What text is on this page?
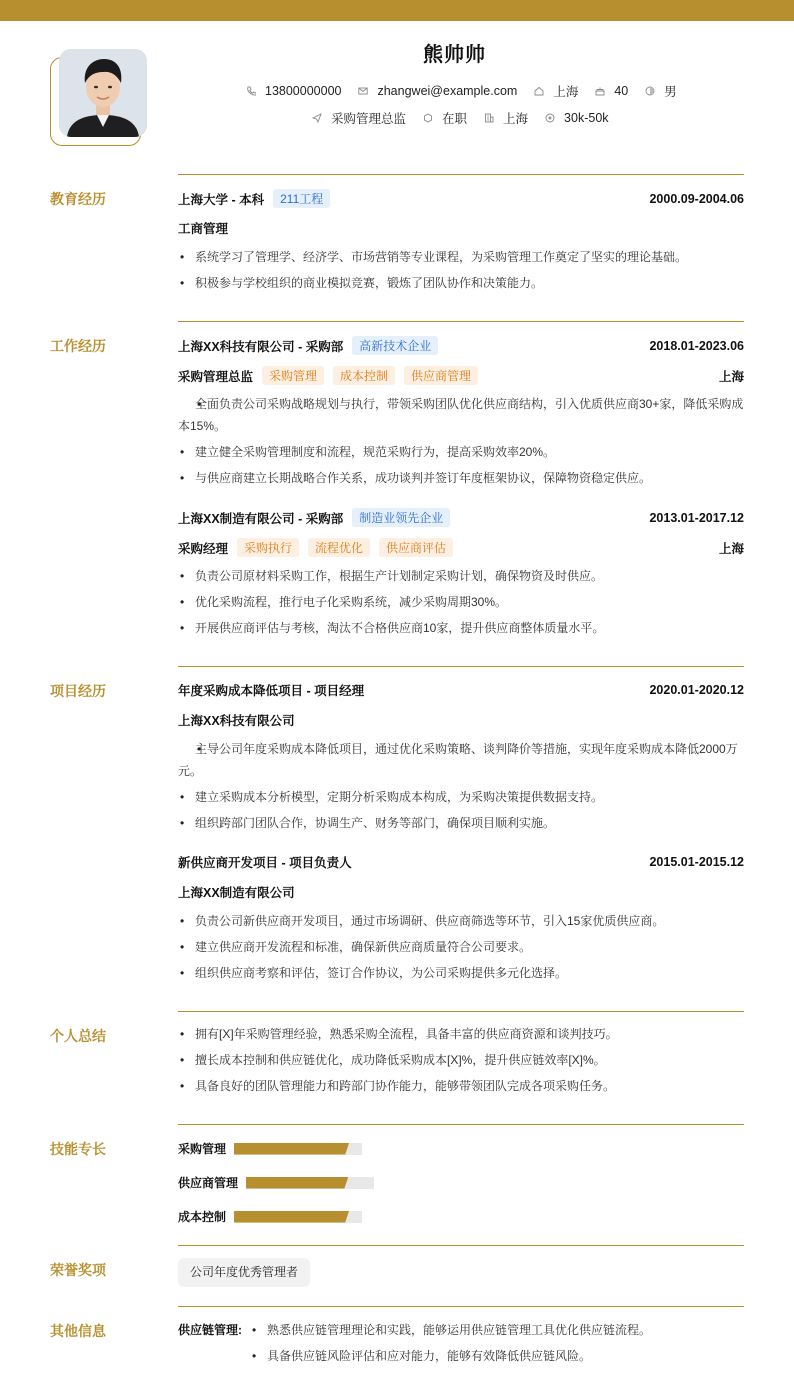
熊帅帅
13800000000	zhangwei@example.com	上海	40	男
采购管理总监	在职	上海	30k-50k
教育经历	上海大学 - 本科	211工程	2000.09-2004.06
工商管理
• 系统学习了管理学、经济学、市场营销等专业课程，为采购管理工作奠定了坚实的理论基础。
• 积极参与学校组织的商业模拟竞赛，锻炼了团队协作和决策能力。
工作经历	上海XX科技有限公司 - 采购部	高新技术企业	2018.01-2023.06
采购管理总监	采购管理	成本控制	供应商管理	上海
• 全面负责公司采购战略规划与执行，带领采购团队优化供应商结构，引入优质供应商30+家，降低采购成本15%。
• 建立健全采购管理制度和流程，规范采购行为，提高采购效率20%。
• 与供应商建立长期战略合作关系，成功谈判并签订年度框架协议，保障物资稳定供应。
上海XX制造有限公司 - 采购部	制造业领先企业	2013.01-2017.12
采购经理	采购执行	流程优化	供应商评估	上海
• 负责公司原材料采购工作，根据生产计划制定采购计划，确保物资及时供应。
• 优化采购流程，推行电子化采购系统，减少采购周期30%。
• 开展供应商评估与考核，淘汰不合格供应商10家，提升供应商整体质量水平。
项目经历	年度采购成本降低项目 - 项目经理	2020.01-2020.12
上海XX科技有限公司
• 主导公司年度采购成本降低项目，通过优化采购策略、谈判降价等措施，实现年度采购成本降低2000万元。
• 建立采购成本分析模型，定期分析采购成本构成，为采购决策提供数据支持。
• 组织跨部门团队合作，协调生产、财务等部门，确保项目顺利实施。
新供应商开发项目 - 项目负责人	2015.01-2015.12
上海XX制造有限公司
• 负责公司新供应商开发项目，通过市场调研、供应商筛选等环节，引入15家优质供应商。
• 建立供应商开发流程和标准，确保新供应商质量符合公司要求。
• 组织供应商考察和评估，签订合作协议，为公司采购提供多元化选择。
个人总结	• 拥有[X]年采购管理经验，熟悉采购全流程，具备丰富的供应商资源和谈判技巧。
• 擅长成本控制和供应链优化，成功降低采购成本[X]%，提升供应链效率[X]%。
• 具备良好的团队管理能力和跨部门协作能力，能够带领团队完成各项采购任务。
技能专长	采购管理
供应商管理
成本控制
荣誉奖项	公司年度优秀管理者
其他信息	供应链管理:	• 熟悉供应链管理理论和实践，能够运用供应链管理工具优化供应链流程。
• 具备供应链风险评估和应对能力，能够有效降低供应链风险。
